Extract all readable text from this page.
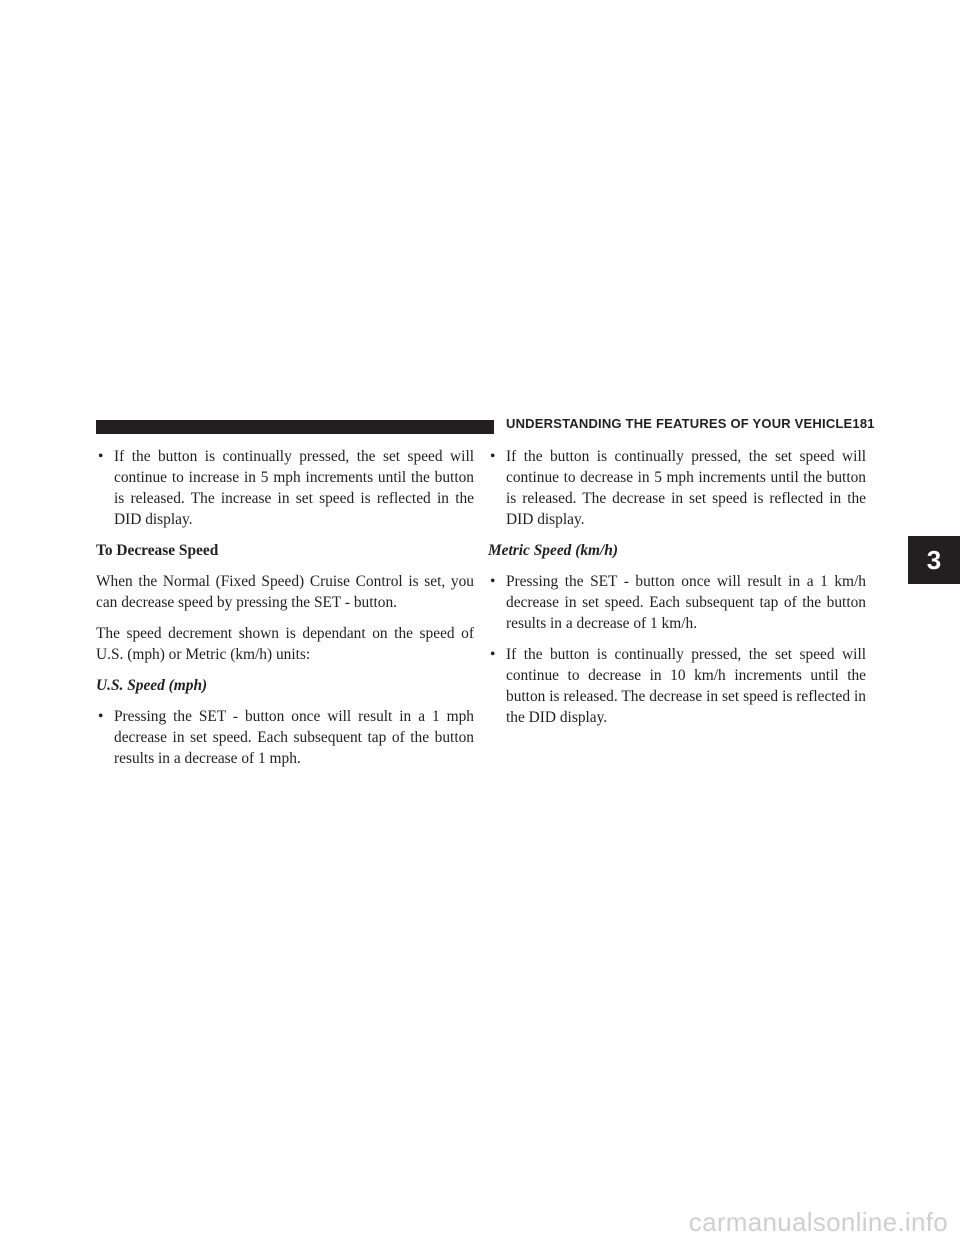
UNDERSTANDING THE FEATURES OF YOUR VEHICLE 181
• If the button is continually pressed, the set speed will continue to increase in 5 mph increments until the button is released. The increase in set speed is reflected in the DID display.
To Decrease Speed

When the Normal (Fixed Speed) Cruise Control is set, you can decrease speed by pressing the SET - button.

The speed decrement shown is dependant on the speed of U.S. (mph) or Metric (km/h) units:

U.S. Speed (mph)
• Pressing the SET - button once will result in a 1 mph decrease in set speed. Each subsequent tap of the button results in a decrease of 1 mph.
• If the button is continually pressed, the set speed will continue to decrease in 5 mph increments until the button is released. The decrease in set speed is reflected in the DID display.
Metric Speed (km/h)
• Pressing the SET - button once will result in a 1 km/h decrease in set speed. Each subsequent tap of the button results in a decrease of 1 km/h.
• If the button is continually pressed, the set speed will continue to decrease in 10 km/h increments until the button is released. The decrease in set speed is reflected in the DID display.
3
carmanualsonline.info
